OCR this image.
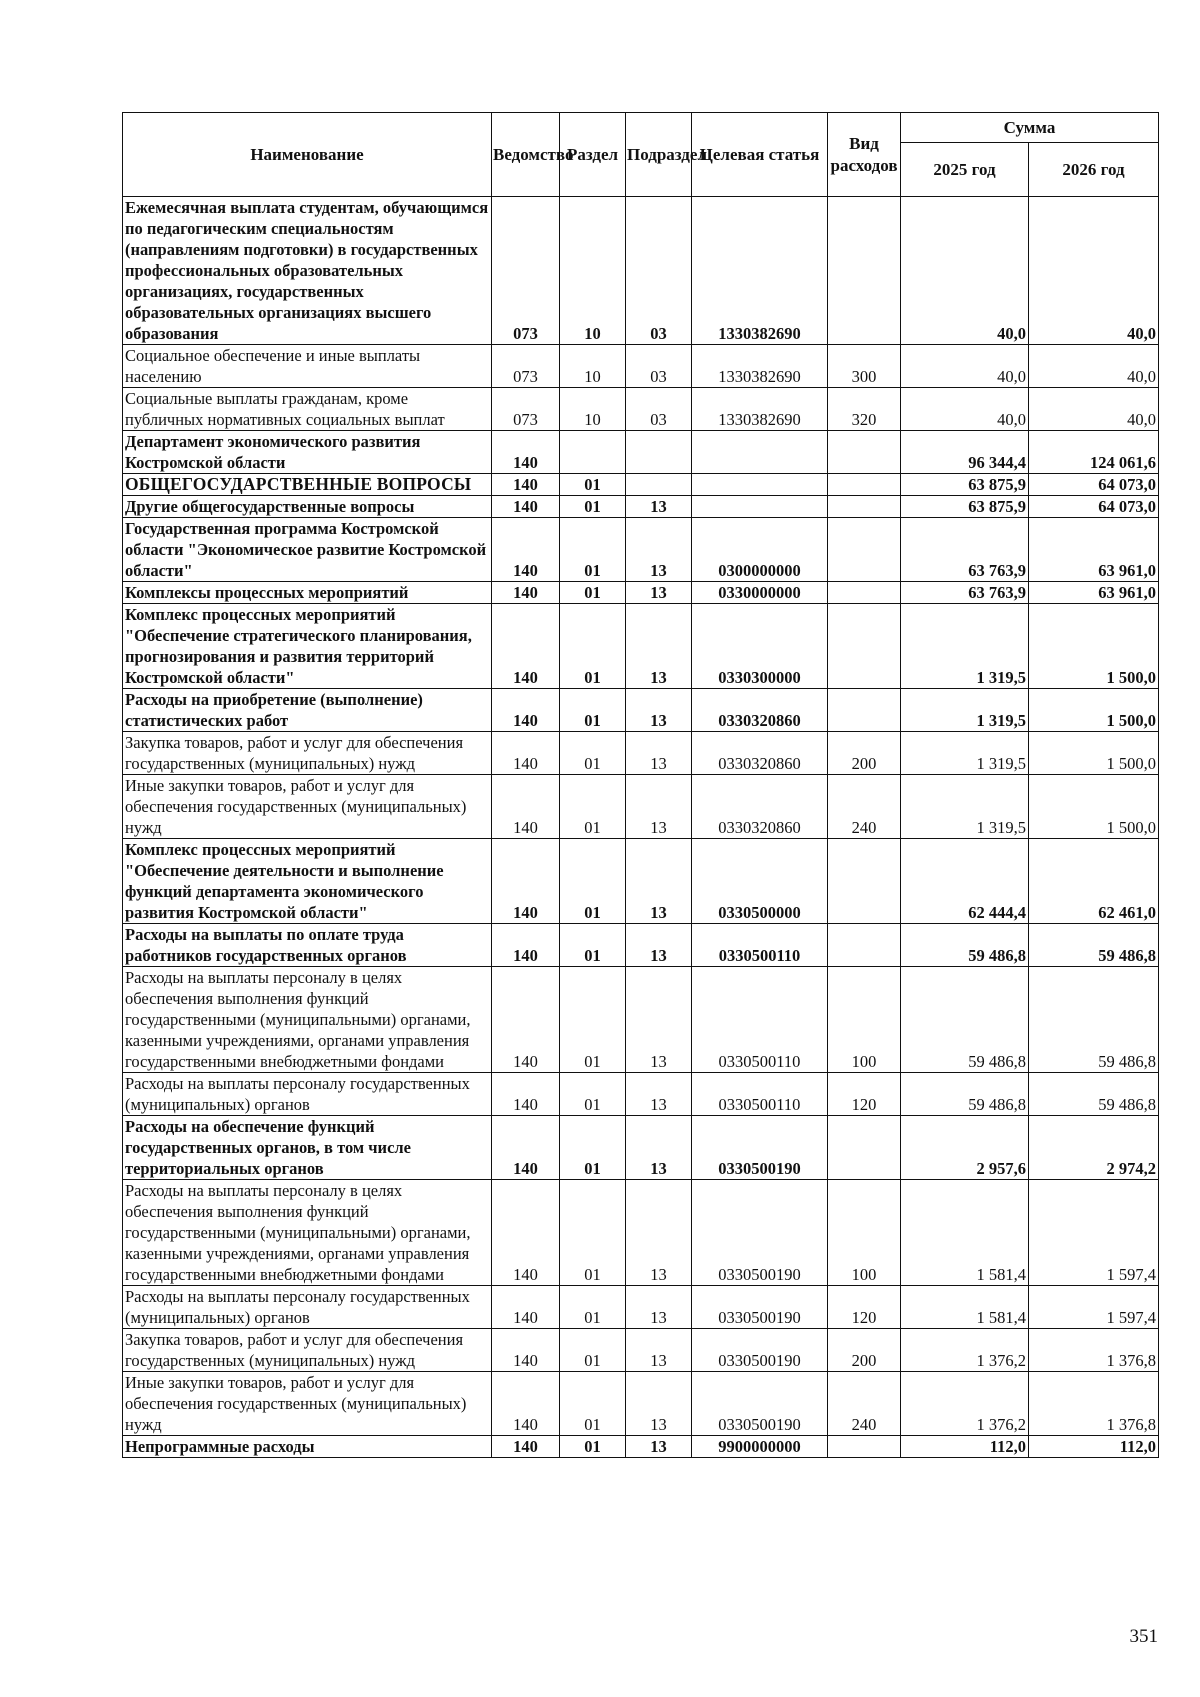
Наименование	Ведомство	Раздел	Подраздел	Целевая статья	Вид расходов	Сумма	
						2025 год	2026 год
Ежемесячная выплата студентам, обучающимся по педагогическим специальностям (направлениям подготовки) в государственных профессиональных образовательных организациях, государственных образовательных организациях высшего образования	073	10	03	1330382690		40,0	40,0
Социальное обеспечение и иные выплаты населению	073	10	03	1330382690	300	40,0	40,0
Социальные выплаты гражданам, кроме публичных нормативных социальных выплат	073	10	03	1330382690	320	40,0	40,0
Департамент экономического развития Костромской области	140					96 344,4	124 061,6
ОБЩЕГОСУДАРСТВЕННЫЕ ВОПРОСЫ	140	01				63 875,9	64 073,0
Другие общегосударственные вопросы	140	01	13			63 875,9	64 073,0
Государственная программа Костромской области "Экономическое развитие Костромской области"	140	01	13	0300000000		63 763,9	63 961,0
Комплексы процессных мероприятий	140	01	13	0330000000		63 763,9	63 961,0
Комплекс процессных мероприятий "Обеспечение стратегического планирования, прогнозирования и развития территорий Костромской области"	140	01	13	0330300000		1 319,5	1 500,0
Расходы на приобретение (выполнение) статистических работ	140	01	13	0330320860		1 319,5	1 500,0
Закупка товаров, работ и услуг для обеспечения государственных (муниципальных) нужд	140	01	13	0330320860	200	1 319,5	1 500,0
Иные закупки товаров, работ и услуг для обеспечения государственных (муниципальных) нужд	140	01	13	0330320860	240	1 319,5	1 500,0
Комплекс процессных мероприятий "Обеспечение деятельности и выполнение функций департамента экономического развития Костромской области"	140	01	13	0330500000		62 444,4	62 461,0
Расходы на выплаты по оплате труда работников государственных органов	140	01	13	0330500110		59 486,8	59 486,8
Расходы на выплаты персоналу в целях обеспечения выполнения функций государственными (муниципальными) органами, казенными учреждениями, органами управления государственными внебюджетными фондами	140	01	13	0330500110	100	59 486,8	59 486,8
Расходы на выплаты персоналу государственных (муниципальных) органов	140	01	13	0330500110	120	59 486,8	59 486,8
Расходы на обеспечение функций государственных органов, в том числе территориальных органов	140	01	13	0330500190		2 957,6	2 974,2
Расходы на выплаты персоналу в целях обеспечения выполнения функций государственными (муниципальными) органами, казенными учреждениями, органами управления государственными внебюджетными фондами	140	01	13	0330500190	100	1 581,4	1 597,4
Расходы на выплаты персоналу государственных (муниципальных) органов	140	01	13	0330500190	120	1 581,4	1 597,4
Закупка товаров, работ и услуг для обеспечения государственных (муниципальных) нужд	140	01	13	0330500190	200	1 376,2	1 376,8
Иные закупки товаров, работ и услуг для обеспечения государственных (муниципальных) нужд	140	01	13	0330500190	240	1 376,2	1 376,8
Непрограммные расходы	140	01	13	9900000000		112,0	112,0
351
